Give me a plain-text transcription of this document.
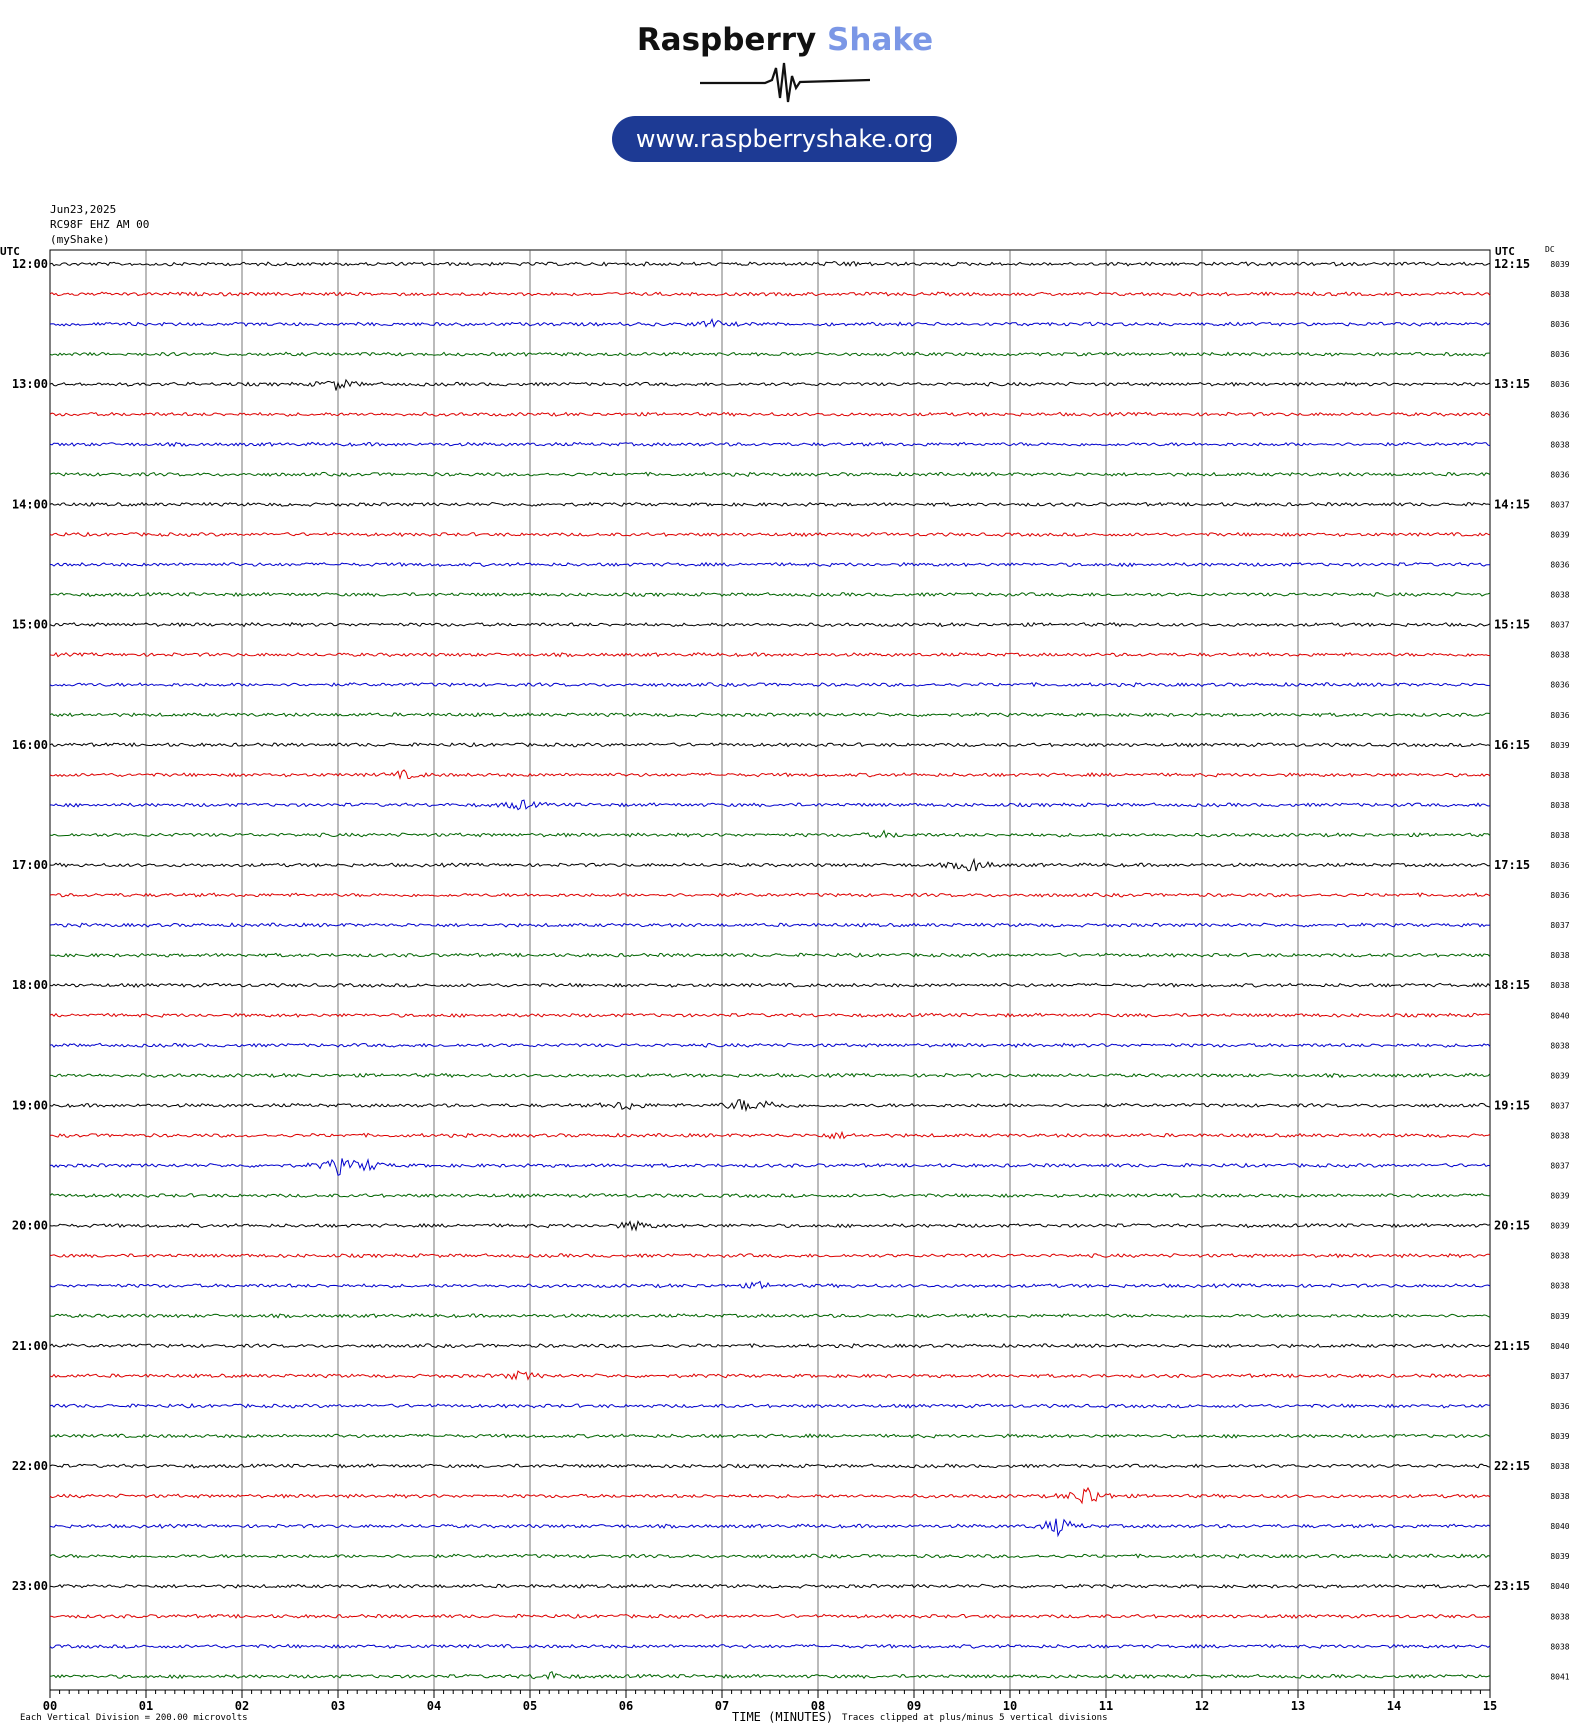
Raspberry Shake
www.raspberryshake.org
Jun23,2025
RC98F EHZ AM 00
(myShake)
8039
8038
8036
8036
8036
8036
8038
8036
8037
8039
8036
8038
8037
8038
8036
8036
8039
8038
8038
8038
8036
8036
8037
8038
8038
8040
8038
8039
8037
8038
8037
8039
8039
8038
8038
8039
8040
8037
8036
8039
8038
8038
8040
8039
8040
8038
8038
8041
12:00
13:00
14:00
15:00
16:00
17:00
18:00
19:00
20:00
21:00
22:00
23:00
12:15
13:15
14:15
15:15
16:15
17:15
18:15
19:15
20:15
21:15
22:15
23:15
UTC	UTC	DC
00	01	02	03	04	05	06	07	08	09	10	11	12	13	14	15
Each Vertical Division = 200.00 microvolts	TIME (MINUTES) Traces clipped at plus/minus 5 vertical divisions
